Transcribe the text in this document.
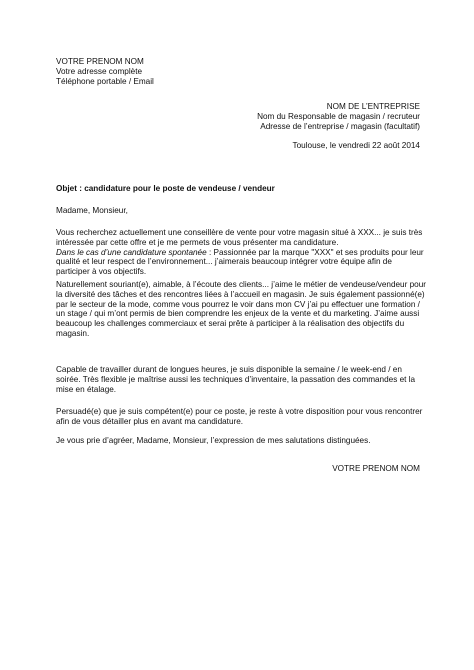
VOTRE PRENOM NOM
Votre adresse complète
Téléphone portable / Email
NOM DE L’ENTREPRISE
Nom du Responsable de magasin / recruteur
Adresse de l’entreprise / magasin (facultatif)
Toulouse, le vendredi 22 août 2014
Objet : candidature pour le poste de vendeuse / vendeur
Madame, Monsieur,
Vous recherchez actuellement une conseillère de vente pour votre magasin situé à XXX... je suis très
intéressée par cette offre et je me permets de vous présenter ma candidature.
Dans le cas d’une candidature spontanée : Passionnée par la marque "XXX" et ses produits pour leur
qualité et leur respect de l’environnement... j’aimerais beaucoup intégrer votre équipe afin de
participer à vos objectifs.
Naturellement souriant(e), aimable, à l’écoute des clients... j’aime le métier de vendeuse/vendeur pour
la diversité des tâches et des rencontres liées à l’accueil en magasin. Je suis également passionné(e)
par le secteur de la mode, comme vous pourrez le voir dans mon CV j’ai pu effectuer une formation /
un stage / qui m’ont permis de bien comprendre les enjeux de la vente et du marketing. J’aime aussi
beaucoup les challenges commerciaux et serai prête à participer à la réalisation des objectifs du
magasin.
Capable de travailler durant de longues heures, je suis disponible la semaine / le week-end / en
soirée. Très flexible je maîtrise aussi les techniques d’inventaire, la passation des commandes et la
mise en étalage.
Persuadé(e) que je suis compétent(e) pour ce poste, je reste à votre disposition pour vous rencontrer
afin de vous détailler plus en avant ma candidature.
Je vous prie d’agréer, Madame, Monsieur, l’expression de mes salutations distinguées.
VOTRE PRENOM NOM
